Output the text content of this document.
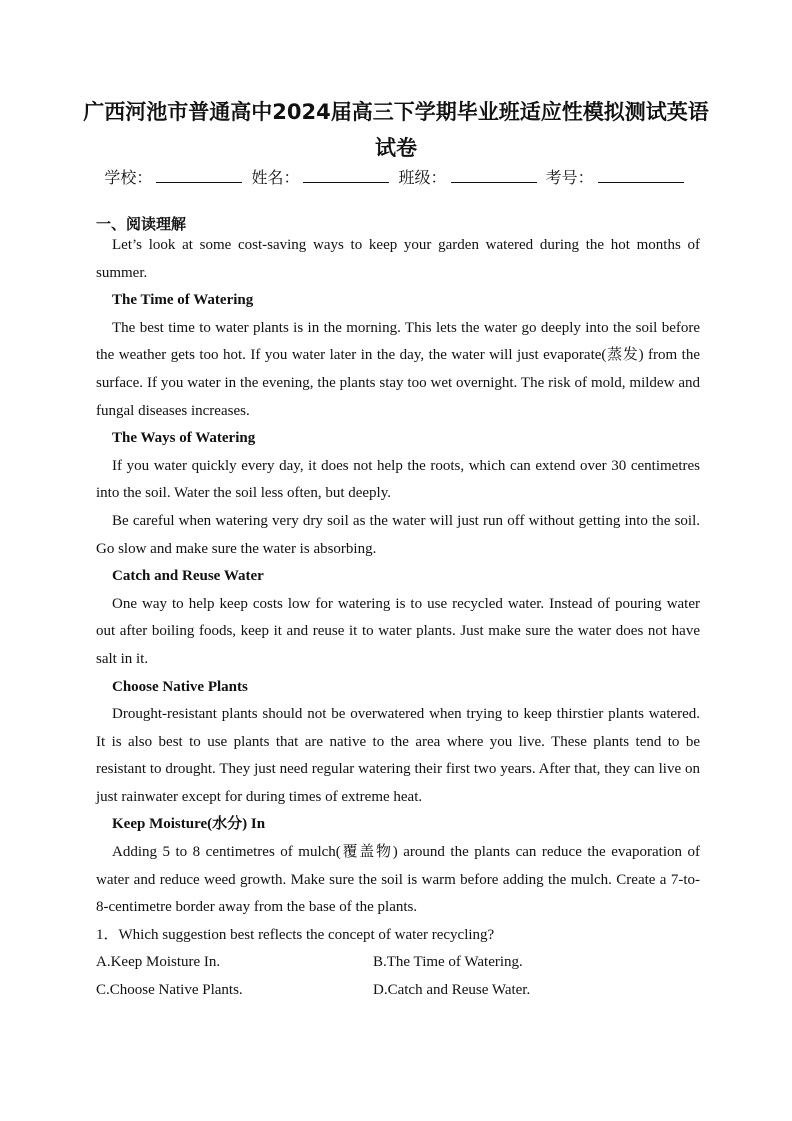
广西河池市普通高中2024届高三下学期毕业班适应性模拟测试英语试卷
学校：	姓名：	班级：	考号：
一、阅读理解

Let’s look at some cost-saving ways to keep your garden watered during the hot months of summer.

The Time of Watering

The best time to water plants is in the morning. This lets the water go deeply into the soil before the weather gets too hot. If you water later in the day, the water will just evaporate(蒸发) from the surface. If you water in the evening, the plants stay too wet overnight. The risk of mold, mildew and fungal diseases increases.

The Ways of Watering

If you water quickly every day, it does not help the roots, which can extend over 30 centimetres into the soil. Water the soil less often, but deeply.

Be careful when watering very dry soil as the water will just run off without getting into the soil. Go slow and make sure the water is absorbing.

Catch and Reuse Water

One way to help keep costs low for watering is to use recycled water. Instead of pouring water out after boiling foods, keep it and reuse it to water plants. Just make sure the water does not have salt in it.

Choose Native Plants

Drought-resistant plants should not be overwatered when trying to keep thirstier plants watered. It is also best to use plants that are native to the area where you live. These plants tend to be resistant to drought. They just need regular watering their first two years. After that, they can live on just rainwater except for during times of extreme heat.

Keep Moisture(水分) In

Adding 5 to 8 centimetres of mulch(覆盖物) around the plants can reduce the evaporation of water and reduce weed growth. Make sure the soil is warm before adding the mulch. Create a 7-to-8-centimetre border away from the base of the plants.

1．Which suggestion best reflects the concept of water recycling?

A.Keep Moisture In.	B.The Time of Watering.
C.Choose Native Plants.	D.Catch and Reuse Water.
